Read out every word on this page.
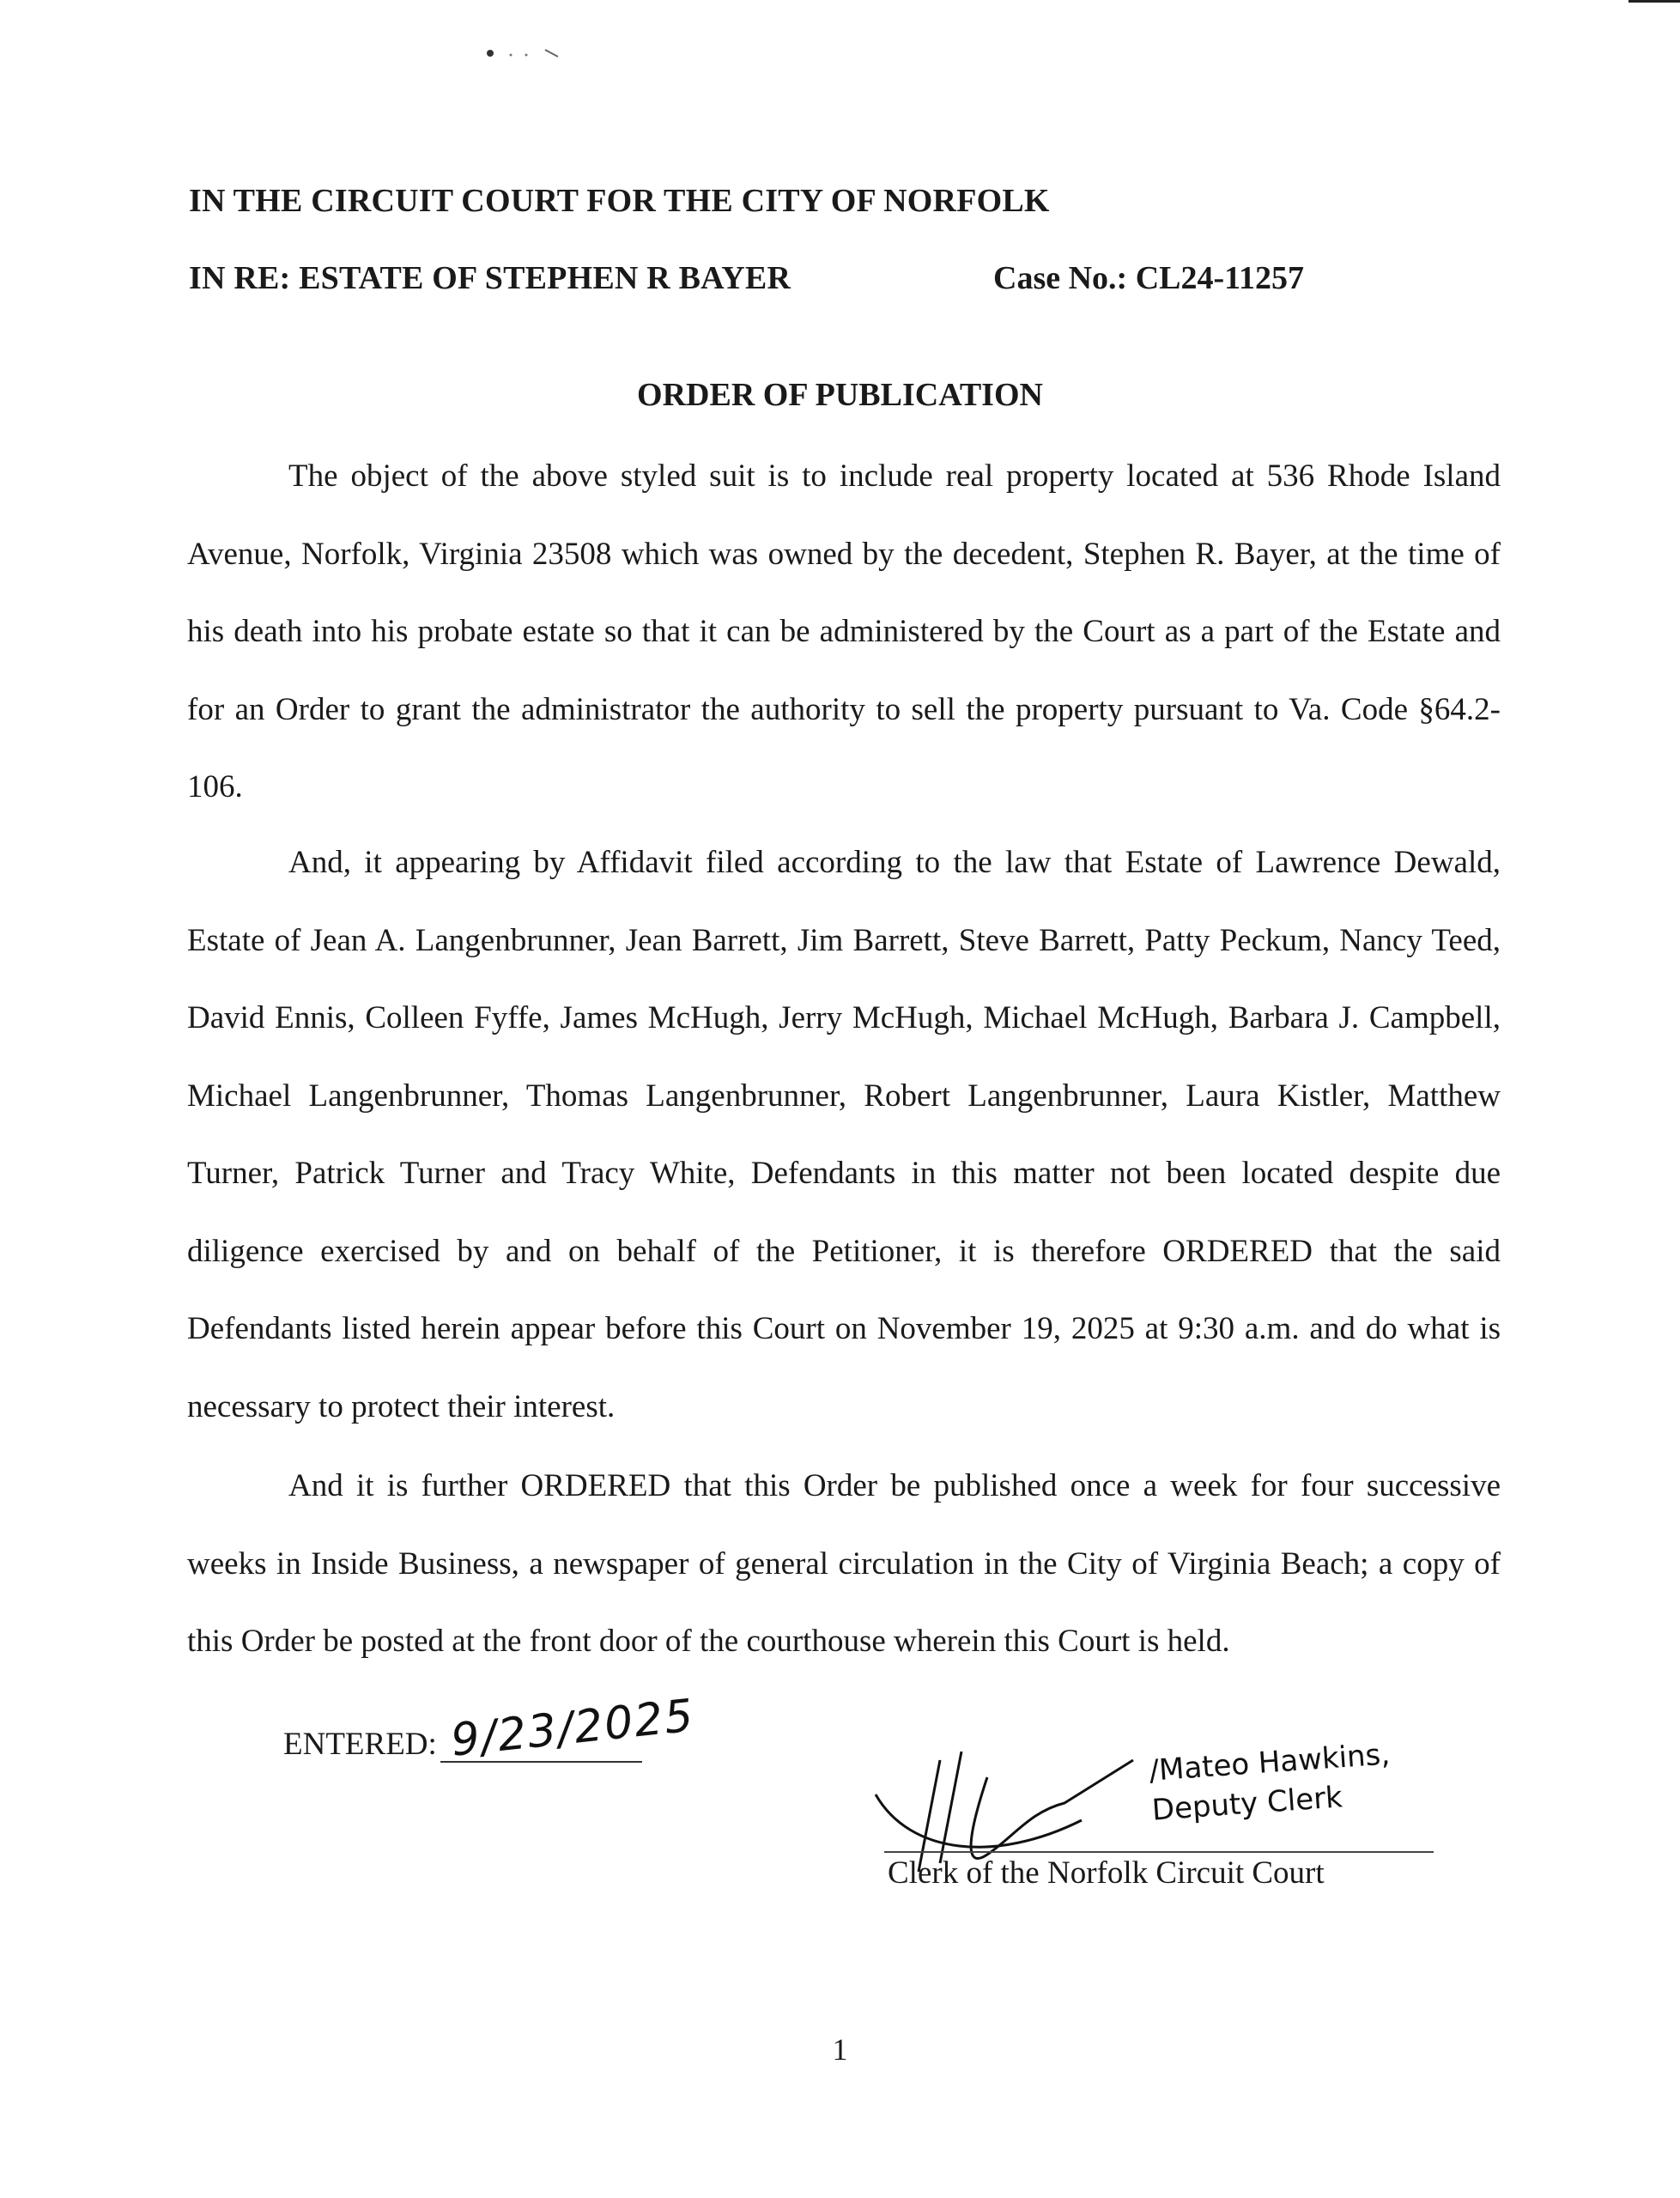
IN THE CIRCUIT COURT FOR THE CITY OF NORFOLK
IN RE: ESTATE OF STEPHEN R BAYER	Case No.: CL24-11257
ORDER OF PUBLICATION

The object of the above styled suit is to include real property located at 536 Rhode Island Avenue, Norfolk, Virginia 23508 which was owned by the decedent, Stephen R. Bayer, at the time of his death into his probate estate so that it can be administered by the Court as a part of the Estate and for an Order to grant the administrator the authority to sell the property pursuant to Va. Code §64.2-106.

And, it appearing by Affidavit filed according to the law that Estate of Lawrence Dewald, Estate of Jean A. Langenbrunner, Jean Barrett, Jim Barrett, Steve Barrett, Patty Peckum, Nancy Teed, David Ennis, Colleen Fyffe, James McHugh, Jerry McHugh, Michael McHugh, Barbara J. Campbell, Michael Langenbrunner, Thomas Langenbrunner, Robert Langenbrunner, Laura Kistler, Matthew Turner, Patrick Turner and Tracy White, Defendants in this matter not been located despite due diligence exercised by and on behalf of the Petitioner, it is therefore ORDERED that the said Defendants listed herein appear before this Court on November 19, 2025 at 9:30 a.m. and do what is necessary to protect their interest.

And it is further ORDERED that this Order be published once a week for four successive weeks in Inside Business, a newspaper of general circulation in the City of Virginia Beach; a copy of this Order be posted at the front door of the courthouse wherein this Court is held.

ENTERED: 9/23/2025	/Mateo Hawkins,
Deputy Clerk
Clerk of the Norfolk Circuit Court
1
